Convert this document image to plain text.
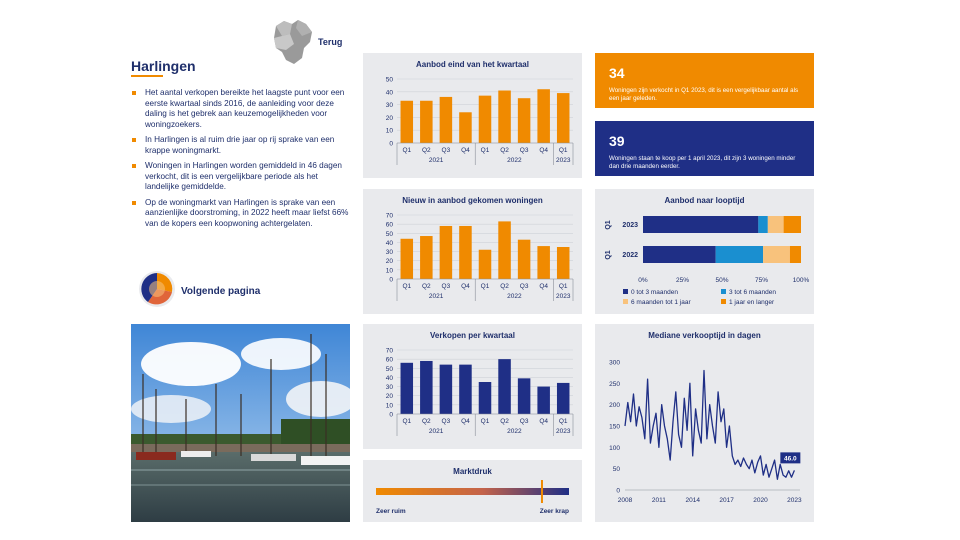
Terug
Harlingen
Het aantal verkopen bereikte het laagste punt voor een eerste kwartaal sinds 2016, de aanleiding voor deze daling is het gebrek aan keuzemogelijkheden voor woningzoekers.
In Harlingen is al ruim drie jaar op rij sprake van een krappe woningmarkt.
Woningen in Harlingen worden gemiddeld in 46 dagen verkocht, dit is een vergelijkbare periode als het landelijke gemiddelde.
Op de woningmarkt van Harlingen is sprake van een aanzienlijke doorstroming, in 2022 heeft maar liefst 66% van de kopers een koopwoning achtergelaten.
Volgende pagina
Aanbod eind van het kwartaal
0
10
20
30
40
50
Q1 Q2 Q3 Q4 Q1 Q2 Q3 Q4 Q1
2021	2022	2023
Nieuw in aanbod gekomen woningen
0
10
20
30
40
50
60
70
Q1 Q2 Q3 Q4 Q1 Q2 Q3 Q4 Q1
2021	2022	2023
Verkopen per kwartaal
0
10
20
30
40
50
60
70
Q1 Q2 Q3 Q4 Q1 Q2 Q3 Q4 Q1
2021	2022	2023
Marktdruk
Zeer ruim	Zeer krap
34
Woningen zijn verkocht in Q1 2023, dit is een vergelijkbaar aantal als een jaar geleden.
39
Woningen staan te koop per 1 april 2023, dit zijn 3 woningen minder dan drie maanden eerder.
Aanbod naar looptijd
2023
Q1
2022
Q1
0%	25%	50%	75%	100%
0 tot 3 maanden	3 tot 6 maanden
6 maanden tot 1 jaar	1 jaar en langer
Mediane verkooptijd in dagen
0
50
100
150
200
250
300
2008	2011	2014	2017	2020	2023
46.0
